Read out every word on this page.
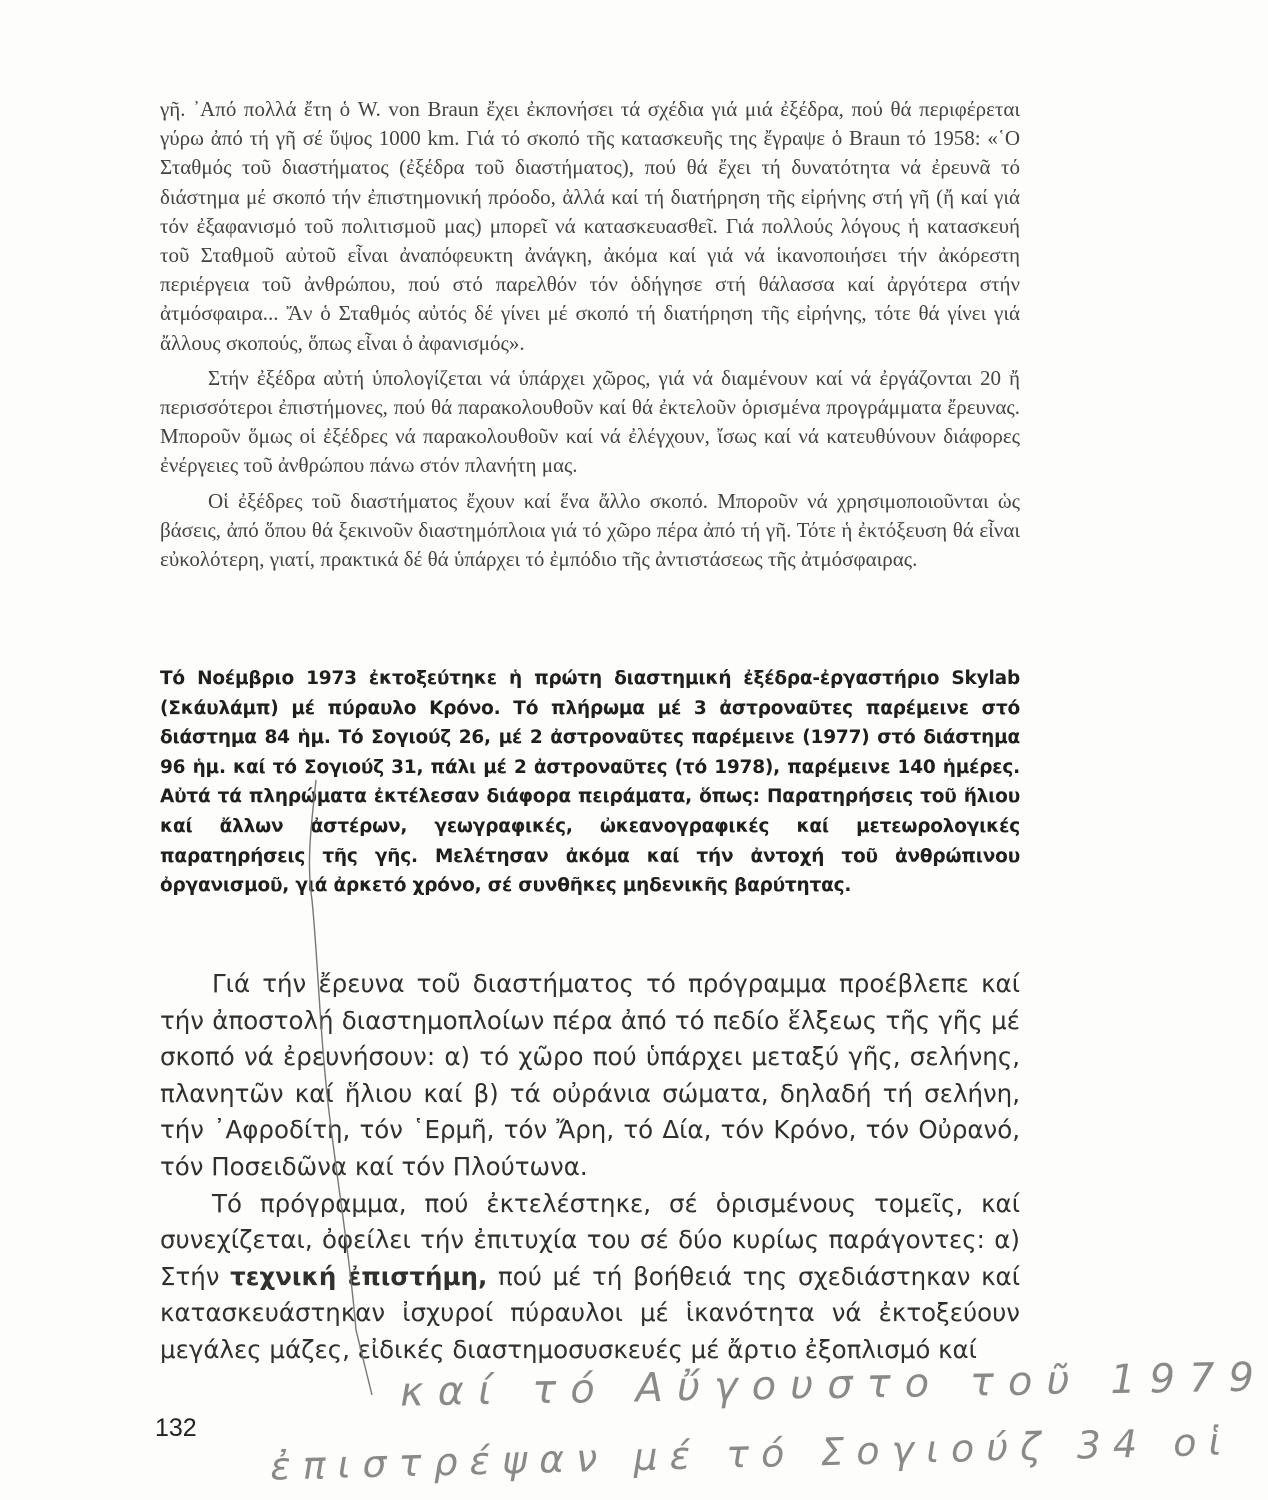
γῆ. ᾿Από πολλά ἔτη ὁ W. von Braun ἔχει ἐκπονήσει τά σχέδια γιά μιά ἐξέδρα, πού θά περιφέρεται γύρω ἀπό τή γῆ σέ ὕψος 1000 km. Γιά τό σκοπό τῆς κατασκευῆς της ἔγραψε ὁ Braun τό 1958: «῾Ο Σταθμός τοῦ διαστήματος (ἐξέδρα τοῦ διαστήματος), πού θά ἔχει τή δυνατότητα νά ἐρευνᾶ τό διάστημα μέ σκοπό τήν ἐπιστημονική πρόοδο, ἀλλά καί τή διατήρηση τῆς εἰρήνης στή γῆ (ἤ καί γιά τόν ἐξαφανισμό τοῦ πολιτισμοῦ μας) μπορεῖ νά κατασκευασθεῖ. Γιά πολλούς λόγους ἡ κατασκευή τοῦ Σταθμοῦ αὐτοῦ εἶναι ἀναπόφευκτη ἀνάγκη, ἀκόμα καί γιά νά ἱκανοποιήσει τήν ἀκόρεστη περιέργεια τοῦ ἀνθρώπου, πού στό παρελθόν τόν ὁδήγησε στή θάλασσα καί ἀργότερα στήν ἀτμόσφαιρα... Ἄν ὁ Σταθμός αὐτός δέ γίνει μέ σκοπό τή διατήρηση τῆς εἰρήνης, τότε θά γίνει γιά ἄλλους σκοπούς, ὅπως εἶναι ὁ ἀφανισμός».

Στήν ἐξέδρα αὐτή ὑπολογίζεται νά ὑπάρχει χῶρος, γιά νά διαμένουν καί νά ἐργάζονται 20 ἤ περισσότεροι ἐπιστήμονες, πού θά παρακολουθοῦν καί θά ἐκτελοῦν ὁρισμένα προγράμματα ἔρευνας. Μποροῦν ὅμως οἱ ἐξέδρες νά παρακολουθοῦν καί νά ἐλέγχουν, ἴσως καί νά κατευθύνουν διάφορες ἐνέργειες τοῦ ἀνθρώπου πάνω στόν πλανήτη μας.

Οἱ ἐξέδρες τοῦ διαστήματος ἔχουν καί ἕνα ἄλλο σκοπό. Μποροῦν νά χρησιμοποιοῦνται ὡς βάσεις, ἀπό ὅπου θά ξεκινοῦν διαστημόπλοια γιά τό χῶρο πέρα ἀπό τή γῆ. Τότε ἡ ἐκτόξευση θά εἶναι εὐκολότερη, γιατί, πρακτικά δέ θά ὑπάρχει τό ἐμπόδιο τῆς ἀντιστάσεως τῆς ἀτμόσφαιρας.

Τό Νοέμβριο 1973 ἐκτοξεύτηκε ἡ πρώτη διαστημική ἐξέδρα-ἐργαστήριο Skylab (Σκάυλάμπ) μέ πύραυλο Κρόνο. Τό πλήρωμα μέ 3 ἀστροναῦτες παρέμεινε στό διάστημα 84 ἡμ. Τό Σογιούζ 26, μέ 2 ἀστροναῦτες παρέμεινε (1977) στό διάστημα 96 ἡμ. καί τό Σογιούζ 31, πάλι μέ 2 ἀστροναῦτες (τό 1978), παρέμεινε 140 ἡμέρες. Αὐτά τά πληρώματα ἐκτέλεσαν διάφορα πειράματα, ὅπως: Παρατηρήσεις τοῦ ἥλιου καί ἄλλων ἀστέρων, γεωγραφικές, ὠκεανογραφικές καί μετεωρολογικές παρατηρήσεις τῆς γῆς. Μελέτησαν ἀκόμα καί τήν ἀντοχή τοῦ ἀνθρώπινου ὀργανισμοῦ, γιά ἀρκετό χρόνο, σέ συνθῆκες μηδενικῆς βαρύτητας.

Γιά τήν ἔρευνα τοῦ διαστήματος τό πρόγραμμα προέβλεπε καί τήν ἀποστολή διαστημοπλοίων πέρα ἀπό τό πεδίο ἕλξεως τῆς γῆς μέ σκοπό νά ἐρευνήσουν: α) τό χῶρο πού ὑπάρχει μεταξύ γῆς, σελήνης, πλανητῶν καί ἥλιου καί β) τά οὐράνια σώματα, δηλαδή τή σελήνη, τήν ᾿Αφροδίτη, τόν ῾Ερμῆ, τόν Ἄρη, τό Δία, τόν Κρόνο, τόν Οὐρανό, τόν Ποσειδῶνα καί τόν Πλούτωνα.

Τό πρόγραμμα, πού ἐκτελέστηκε, σέ ὁρισμένους τομεῖς, καί συνεχίζεται, ὀφείλει τήν ἐπιτυχία του σέ δύο κυρίως παράγοντες: α) Στήν τεχνική ἐπιστήμη, πού μέ τή βοήθειά της σχεδιάστηκαν καί κατασκευάστηκαν ἰσχυροί πύραυλοι μέ ἱκανότητα νά ἐκτοξεύουν μεγάλες μάζες, εἰδικές διαστημοσυσκευές μέ ἄρτιο ἐξοπλισμό καί

132
καί τό Αὔγουστο τοῦ 1979
ἐπιστρέψαν μέ τό Σογιούζ 34 οἱ
